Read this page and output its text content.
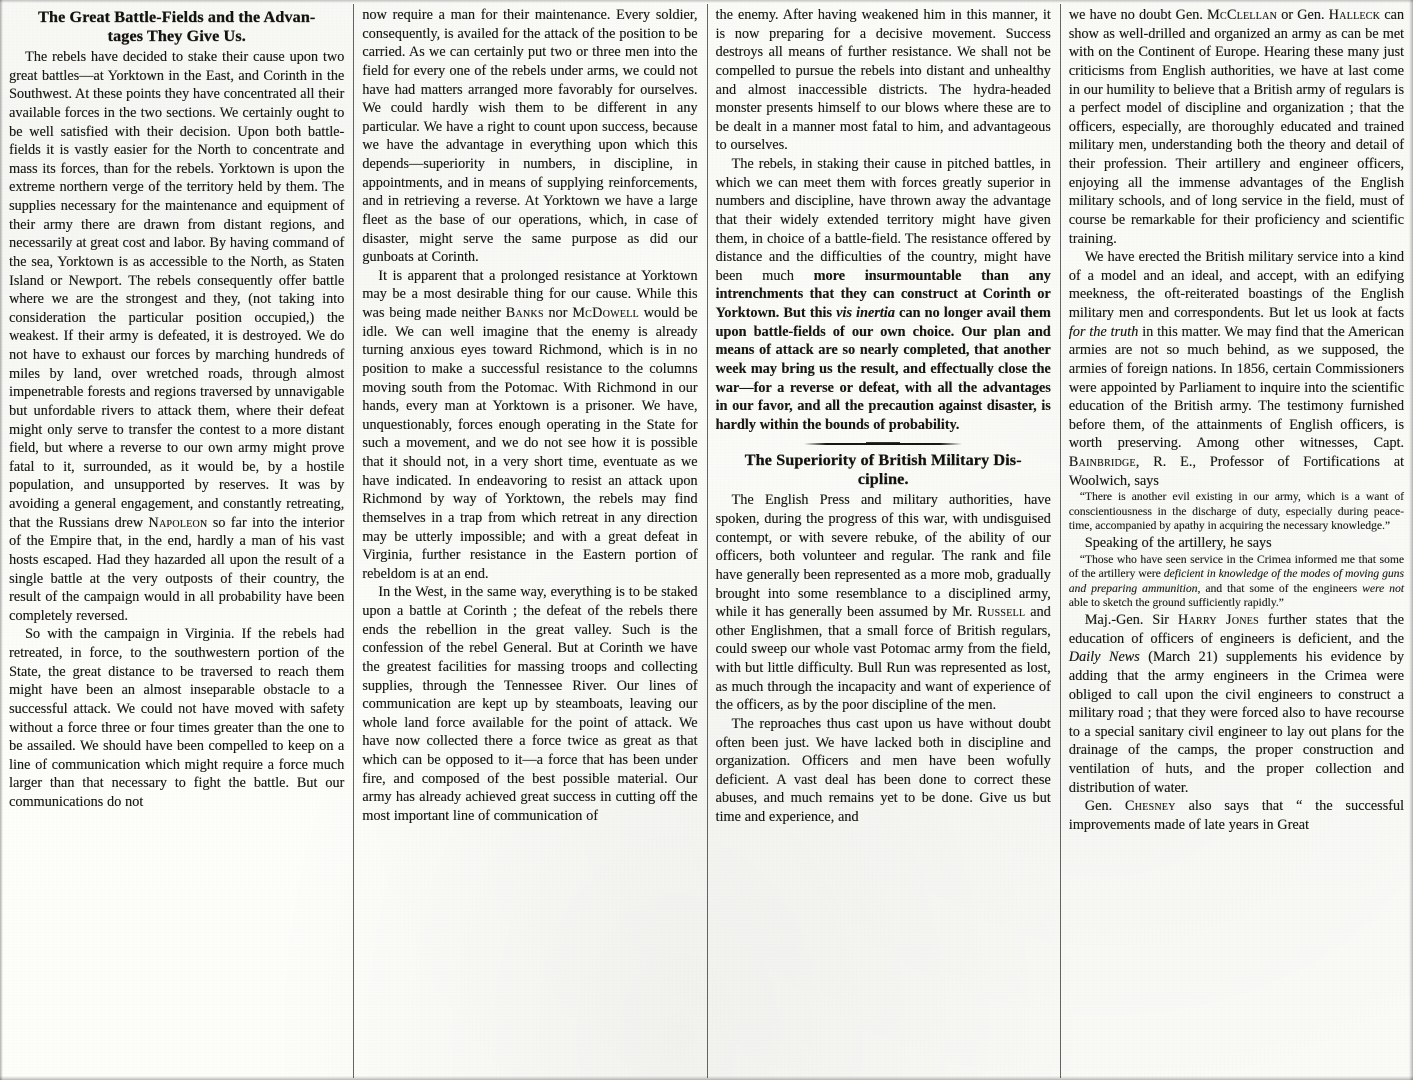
The Great Battle-Fields and the Advan-
tages They Give Us.

The rebels have decided to stake their cause upon two great battles—at Yorktown in the East, and Corinth in the Southwest. At these points they have concentrated all their available forces in the two sections. We certainly ought to be well satisfied with their decision. Upon both battle-fields it is vastly easier for the North to concentrate and mass its forces, than for the rebels. Yorktown is upon the extreme northern verge of the territory held by them. The supplies necessary for the maintenance and equipment of their army there are drawn from distant regions, and necessarily at great cost and labor. By having command of the sea, Yorktown is as accessible to the North, as Staten Island or Newport. The rebels consequently offer battle where we are the strongest and they, (not taking into consideration the particular position occupied,) the weakest. If their army is defeated, it is destroyed. We do not have to exhaust our forces by marching hundreds of miles by land, over wretched roads, through almost impenetrable forests and regions traversed by unnavigable but unfordable rivers to attack them, where their defeat might only serve to transfer the contest to a more distant field, but where a reverse to our own army might prove fatal to it, surrounded, as it would be, by a hostile population, and unsupported by reserves. It was by avoiding a general engagement, and constantly retreating, that the Russians drew Napoleon so far into the interior of the Empire that, in the end, hardly a man of his vast hosts escaped. Had they hazarded all upon the result of a single battle at the very outposts of their country, the result of the campaign would in all probability have been completely reversed.

So with the campaign in Virginia. If the rebels had retreated, in force, to the southwestern portion of the State, the great distance to be traversed to reach them might have been an almost inseparable obstacle to a successful attack. We could not have moved with safety without a force three or four times greater than the one to be assailed. We should have been compelled to keep on a line of communication which might require a force much larger than that necessary to fight the battle. But our communications do not

now require a man for their maintenance. Every soldier, consequently, is availed for the attack of the position to be carried. As we can certainly put two or three men into the field for every one of the rebels under arms, we could not have had matters arranged more favorably for ourselves. We could hardly wish them to be different in any particular. We have a right to count upon success, because we have the advantage in everything upon which this depends—superiority in numbers, in discipline, in appointments, and in means of supplying reinforcements, and in retrieving a reverse. At Yorktown we have a large fleet as the base of our operations, which, in case of disaster, might serve the same purpose as did our gunboats at Corinth.

It is apparent that a prolonged resistance at Yorktown may be a most desirable thing for our cause. While this was being made neither Banks nor McDowell would be idle. We can well imagine that the enemy is already turning anxious eyes toward Richmond, which is in no position to make a successful resistance to the columns moving south from the Potomac. With Richmond in our hands, every man at Yorktown is a prisoner. We have, unquestionably, forces enough operating in the State for such a movement, and we do not see how it is possible that it should not, in a very short time, eventuate as we have indicated. In endeavoring to resist an attack upon Richmond by way of Yorktown, the rebels may find themselves in a trap from which retreat in any direction may be utterly impossible; and with a great defeat in Virginia, further resistance in the Eastern portion of rebeldom is at an end.

In the West, in the same way, everything is to be staked upon a battle at Corinth ; the defeat of the rebels there ends the rebellion in the great valley. Such is the confession of the rebel General. But at Corinth we have the greatest facilities for massing troops and collecting supplies, through the Tennessee River. Our lines of communication are kept up by steamboats, leaving our whole land force available for the point of attack. We have now collected there a force twice as great as that which can be opposed to it—a force that has been under fire, and composed of the best possible material. Our army has already achieved great success in cutting off the most important line of communication of

the enemy. After having weakened him in this manner, it is now preparing for a decisive movement. Success destroys all means of further resistance. We shall not be compelled to pursue the rebels into distant and unhealthy and almost inaccessible districts. The hydra-headed monster presents himself to our blows where these are to be dealt in a manner most fatal to him, and advantageous to ourselves.

The rebels, in staking their cause in pitched battles, in which we can meet them with forces greatly superior in numbers and discipline, have thrown away the advantage that their widely extended territory might have given them, in choice of a battle-field. The resistance offered by distance and the difficulties of the country, might have been much more insurmountable than any intrenchments that they can construct at Corinth or Yorktown. But this vis inertia can no longer avail them upon battle-fields of our own choice. Our plan and means of attack are so nearly completed, that another week may bring us the result, and effectually close the war—for a reverse or defeat, with all the advantages in our favor, and all the precaution against disaster, is hardly within the bounds of probability.

The Superiority of British Military Dis-
cipline.

The English Press and military authorities, have spoken, during the progress of this war, with undisguised contempt, or with severe rebuke, of the ability of our officers, both volunteer and regular. The rank and file have generally been represented as a more mob, gradually brought into some resemblance to a disciplined army, while it has generally been assumed by Mr. Russell and other Englishmen, that a small force of British regulars, could sweep our whole vast Potomac army from the field, with but little difficulty. Bull Run was represented as lost, as much through the incapacity and want of experience of the officers, as by the poor discipline of the men.

The reproaches thus cast upon us have without doubt often been just. We have lacked both in discipline and organization. Officers and men have been wofully deficient. A vast deal has been done to correct these abuses, and much remains yet to be done. Give us but time and experience, and

we have no doubt Gen. McClellan or Gen. Halleck can show as well-drilled and organized an army as can be met with on the Continent of Europe. Hearing these many just criticisms from English authorities, we have at last come in our humility to believe that a British army of regulars is a perfect model of discipline and organization ; that the officers, especially, are thoroughly educated and trained military men, understanding both the theory and detail of their profession. Their artillery and engineer officers, enjoying all the immense advantages of the English military schools, and of long service in the field, must of course be remarkable for their proficiency and scientific training.

We have erected the British military service into a kind of a model and an ideal, and accept, with an edifying meekness, the oft-reiterated boastings of the English military men and correspondents. But let us look at facts for the truth in this matter. We may find that the American armies are not so much behind, as we supposed, the armies of foreign nations. In 1856, certain Commissioners were appointed by Parliament to inquire into the scientific education of the British army. The testimony furnished before them, of the attainments of English officers, is worth preserving. Among other witnesses, Capt. Bainbridge, R. E., Professor of Fortifications at Woolwich, says

“There is another evil existing in our army, which is a want of conscientiousness in the discharge of duty, especially during peace-time, accompanied by apathy in acquiring the necessary knowledge.”

Speaking of the artillery, he says

“Those who have seen service in the Crimea informed me that some of the artillery were deficient in knowledge of the modes of moving guns and preparing ammunition, and that some of the engineers were not able to sketch the ground sufficiently rapidly.”

Maj.-Gen. Sir Harry Jones further states that the education of officers of engineers is deficient, and the Daily News (March 21) supplements his evidence by adding that the army engineers in the Crimea were obliged to call upon the civil engineers to construct a military road ; that they were forced also to have recourse to a special sanitary civil engineer to lay out plans for the drainage of the camps, the proper construction and ventilation of huts, and the proper collection and distribution of water.

Gen. Chesney also says that “ the successful improvements made of late years in Great
